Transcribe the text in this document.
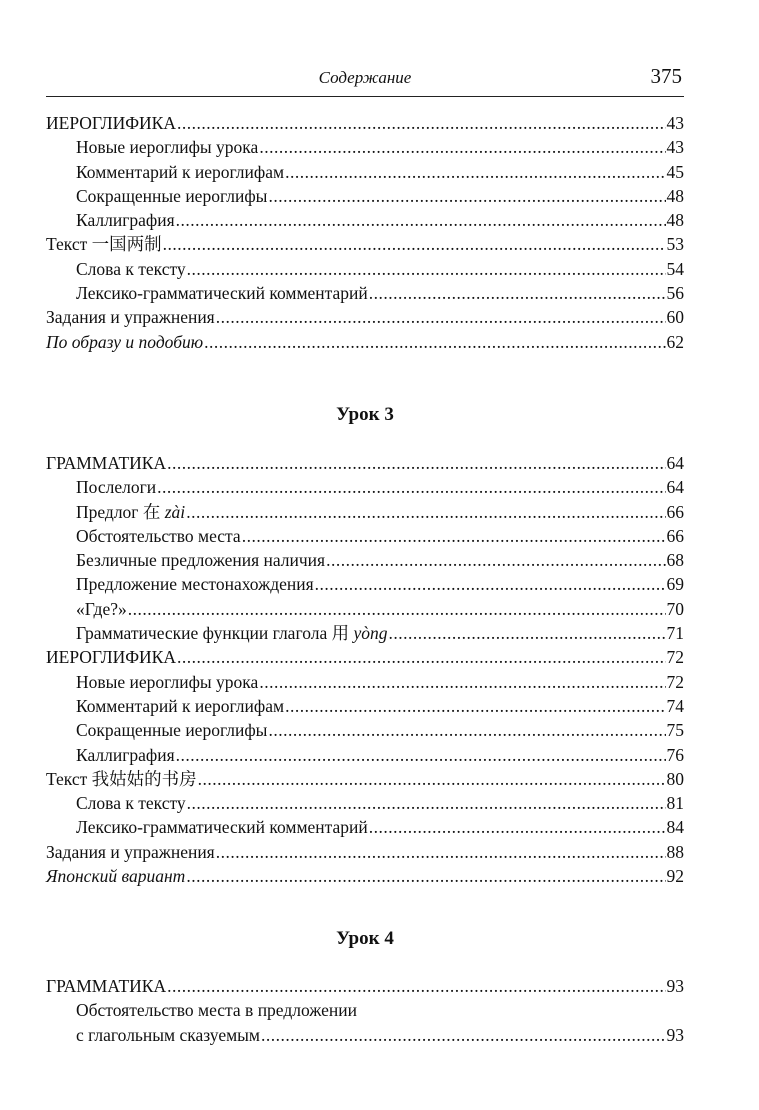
Содержание	375
ИЕРОГЛИФИКА .....	43
Новые иероглифы урока .....	43
Комментарий к иероглифам .....	45
Сокращенные иероглифы .....	48
Каллиграфия .....	48
Текст 一国两制 .....	53
Слова к тексту .....	54
Лексико-грамматический комментарий .....	56
Задания и упражнения .....	60
По образу и подобию .....	62
Урок 3
ГРАММАТИКА .....	64
Послелоги .....	64
Предлог 在 zài .....	66
Обстоятельство места .....	66
Безличные предложения наличия .....	68
Предложение местонахождения .....	69
«Где?» .....	70
Грамматические функции глагола 用 yòng .....	71
ИЕРОГЛИФИКА .....	72
Новые иероглифы урока .....	72
Комментарий к иероглифам .....	74
Сокращенные иероглифы .....	75
Каллиграфия .....	76
Текст 我姑姑的书房 .....	80
Слова к тексту .....	81
Лексико-грамматический комментарий .....	84
Задания и упражнения .....	88
Японский вариант .....	92
Урок 4
ГРАММАТИКА .....	93
Обстоятельство места в предложении
с глагольным сказуемым .....	93
